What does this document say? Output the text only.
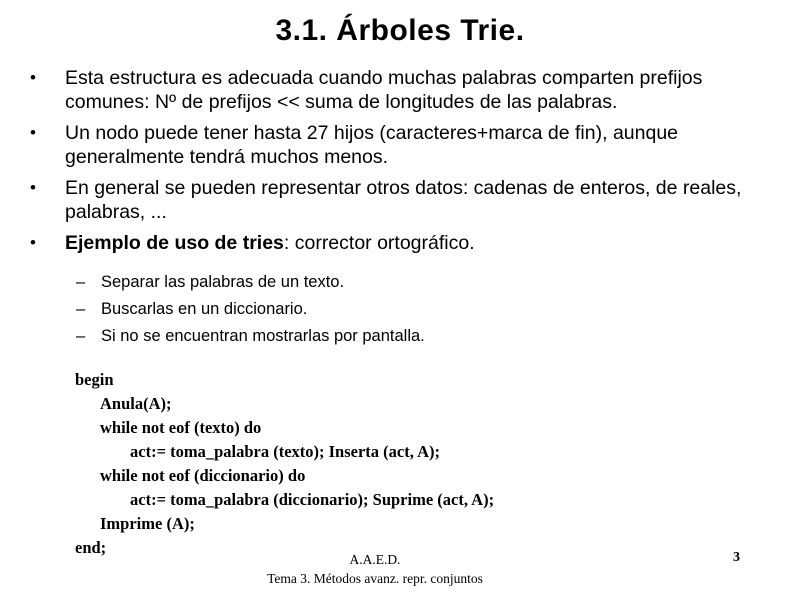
3.1. Árboles Trie.
•	Esta estructura es adecuada cuando muchas palabras comparten prefijos comunes: Nº de prefijos << suma de longitudes de las palabras.
•	Un nodo puede tener hasta 27 hijos (caracteres+marca de fin), aunque generalmente tendrá muchos menos.
•	En general se pueden representar otros datos: cadenas de enteros, de reales, palabras, ...
•	Ejemplo de uso de tries: corrector ortográfico.
– Separar las palabras de un texto.
– Buscarlas en un diccionario.
– Si no se encuentran mostrarlas por pantalla.
begin
Anula(A);
while not eof (texto) do
act:= toma_palabra (texto); Inserta (act, A);
while not eof (diccionario) do
act:= toma_palabra (diccionario); Suprime (act, A);
Imprime (A);
end;
A.A.E.D.
Tema 3. Métodos avanz. repr. conjuntos
3
